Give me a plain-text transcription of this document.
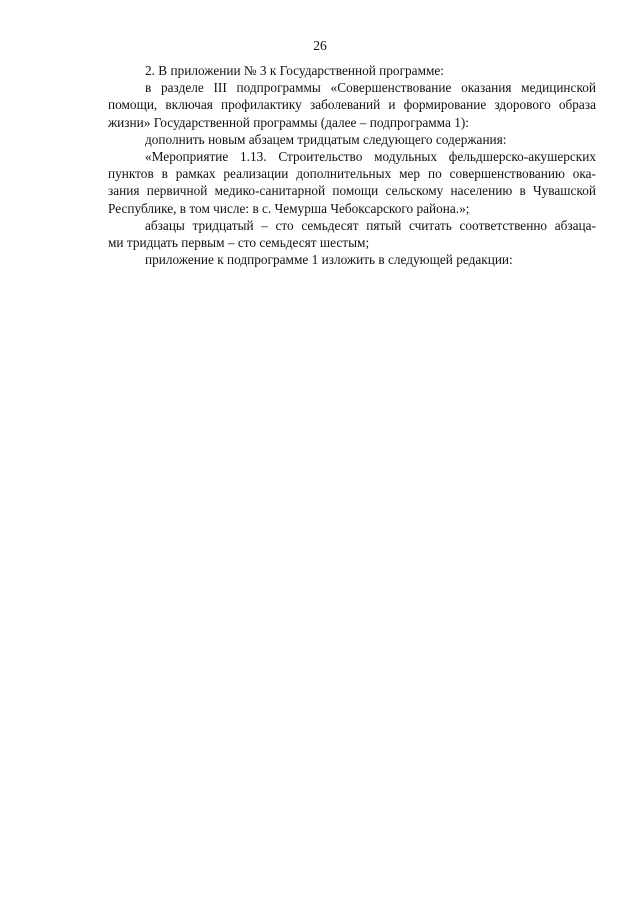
26
2. В приложении № 3 к Государственной программе:
в разделе III подпрограммы «Совершенствование оказания медицинской
помощи, включая профилактику заболеваний и формирование здорового образа
жизни» Государственной программы (далее – подпрограмма 1):
дополнить новым абзацем тридцатым следующего содержания:
«Мероприятие 1.13. Строительство модульных фельдшерско-акушерских
пунктов в рамках реализации дополнительных мер по совершенствованию ока-
зания первичной медико-санитарной помощи сельскому населению в Чувашской
Республике, в том числе: в с. Чемурша Чебоксарского района.»;
абзацы тридцатый – сто семьдесят пятый считать соответственно абзаца-
ми тридцать первым – сто семьдесят шестым;
приложение к подпрограмме 1 изложить в следующей редакции:
